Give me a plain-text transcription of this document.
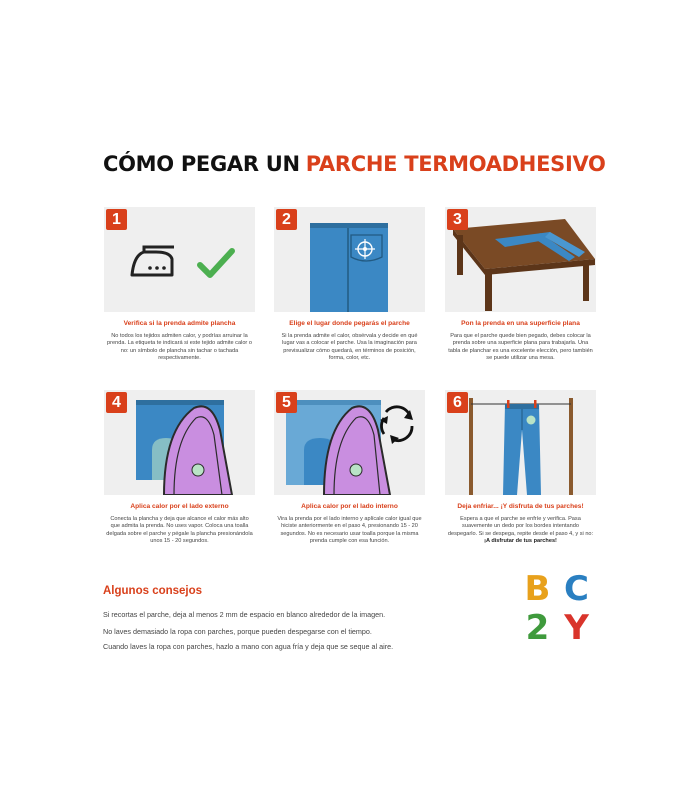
CÓMO PEGAR UN PARCHE TERMOADHESIVO
1
Verifica si la prenda admite plancha
No todos los tejidos admiten calor, y podrías arruinar la prenda. La etiqueta te indicará si este tejido admite calor o no: un símbolo de plancha sin tachar o tachada respectivamente.
2
Elige el lugar donde pegarás el parche
Si la prenda admite el calor, obsérvala y decide en qué lugar vas a colocar el parche. Usa la imaginación para previsualizar cómo quedará, en términos de posición, forma, color, etc.
3
Pon la prenda en una superficie plana
Para que el parche quede bien pegado, debes colocar la prenda sobre una superficie plana para trabajarla. Una tabla de planchar es una excelente elección, pero también se puede utilizar una mesa.
4
Aplica calor por el lado externo
Conecta la plancha y deja que alcance el calor más alto que admita la prenda. No uses vapor. Coloca una toalla delgada sobre el parche y pégale la plancha presionándola unos 15 - 20 segundos.
5
Aplica calor por el lado interno
Vira la prenda por el lado interno y aplícale calor igual que hiciste anteriormente en el paso 4, presionando 15 - 20 segundos. No es necesario usar toalla porque la misma prenda cumple con esa función.
6
Deja enfriar... ¡Y disfruta de tus parches!
Espera a que el parche se enfríe y verifica. Pasa suavemente un dedo por los bordes intentando despegarlo. Si se despega, repite desde el paso 4, y si no: ¡A disfrutar de tus parches!
Algunos consejos
Si recortas el parche, deja al menos 2 mm de espacio en blanco alrededor de la imagen.
No laves demasiado la ropa con parches, porque pueden despegarse con el tiempo.
Cuando laves la ropa con parches, hazlo a mano con agua fría y deja que se seque al aire.
B C
2 Y
